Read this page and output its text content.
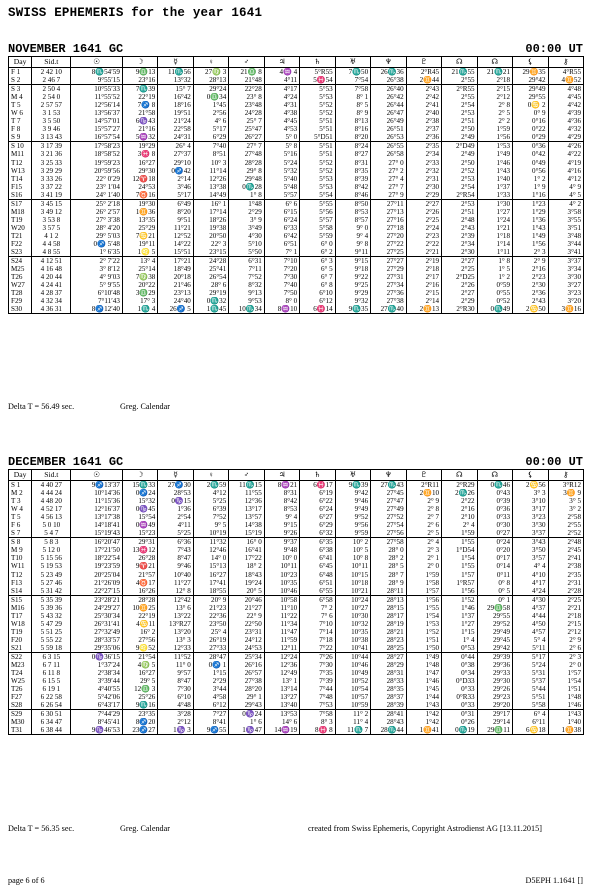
SWISS EPHEMERIS for the year 1641
NOVEMBER 1641 GC	00:00 UT
Day	Sid.t	☉	☽	☿	♀	♂	♃	♄	♅	♆	♇	☊	☊	⚸	⚷
F 1	2 42 10	8♏54′59	9♎13	11♏56	27♍ 3	21♎ 8	4♒ 4	5°R55	7♏50	26♏36	2°R45	21♏55	21♏21	29♊35	4°R55
S 2	2 46 7	9°55′15	23°16	13°32	28°13	21°48	4°11	5♓54	7°54	26°38	2♊44	2°55	2°18	29°42	4♊52
S 3	2 50 4	10°55′33	7♏39	15° 7	29°24	22°28	4°17	5°53	7°58	26°40	2°43	2°R55	2°15	29°49	4°48
M 4	2 54 0	11°55′52	22°19	16°42	0♎34	23° 8	4°24	5°53	8° 1	26°42	2°42	2°55	2°12	29°55	4°45
T 5	2 57 57	12°56′14	7♐ 8	18°16	1°45	23°48	4°31	5°52	8° 5	26°44	2°41	2°54	2° 8	0♋ 2	4°42
W 6	3 1 53	13°56′37	21°58	19°51	2°56	24°28	4°38	5°52	8° 9	26°47	2°40	2°53	2° 5	0° 9	4°39
T 7	3 5 50	14°57′01	6♑43	21°24	4° 6	25° 7	4°45	5°51	8°13	26°49	2°38	2°51	2° 2	0°16	4°36
F 8	3 9 46	15°57′27	21°16	22°58	5°17	25°47	4°53	5°51	8°16	26°51	2°37	2°50	1°59	0°22	4°32
S 9	3 13 43	16°57′54	5♒32	24°31	6°29	26°27	5° 0	5°D51	8°20	26°53	2°36	2°49	1°56	0°29	4°29
S 10	3 17 39	17°58′23	19°29	26° 4	7°40	27° 7	5° 8	5°51	8°24	26°55	2°35	2°D49	1°53	0°36	4°26
M11	3 21 36	18°58′52	3♓ 8	27°37	8°51	27°48	5°16	5°51	8°27	26°58	2°34	2°49	1°49	0°42	4°22
T12	3 25 33	19°59′23	16°27	29°10	10° 3	28°28	5°24	5°52	8°31	27° 0	2°33	2°50	1°46	0°49	4°19
W13	3 29 29	20°59′56	29°30	0♐42	11°14	29° 8	5°32	5°52	8°35	27° 2	2°32	2°52	1°43	0°56	4°16
T14	3 33 26	22° 0′29	12♈18	2°14	12°26	29°48	5°40	5°53	8°39	27° 4	2°31	2°53	1°40	1° 2	4°12
F15	3 37 22	23° 1′04	24°53	3°46	13°38	0♏28	5°48	5°53	8°42	27° 7	2°30	2°54	1°37	1° 9	4° 9
S16	3 41 19	24° 1′40	7♉16	5°17	14°49	1° 8	5°57	5°54	8°46	27° 9	2°29	2°R54	1°33	1°16	4° 5
S17	3 45 15	25° 2′18	19°30	6°49	16° 1	1°48	6° 6	5°55	8°50	27°11	2°27	2°53	1°30	1°23	4° 2
M18	3 49 12	26° 2′57	1♊36	8°20	17°14	2°29	6°15	5°56	8°53	27°13	2°26	2°51	1°27	1°29	3°58
T19	3 53 8	27° 3′38	13°35	9°51	18°26	3° 9	6°24	5°57	8°57	27°16	2°25	2°48	1°24	1°36	3°55
W20	3 57 5	28° 4′20	25°29	11°21	19°38	3°49	6°33	5°58	9° 0	27°18	2°24	2°43	1°21	1°43	3°51
T21	4 1 2	29° 5′03	7♋21	12°52	20°50	4°30	6°42	5°59	9° 4	27°20	2°23	2°39	1°18	1°49	3°48
F22	4 4 58	0♐ 5′48	19°11	14°22	22° 3	5°10	6°51	6° 0	9° 8	27°22	2°22	2°34	1°14	1°56	3°44
S23	4 8 55	1° 6′35	1♌ 5	15°51	23°15	5°50	7° 1	6° 2	9°11	27°25	2°21	2°30	1°11	2° 3	3°41
S24	4 12 51	2° 7′22	13° 4	17°21	24°28	6°31	7°10	6° 3	9°15	27°27	2°19	2°27	1° 8	2° 9	3°37
M25	4 16 48	3° 8′12	25°14	18°49	25°41	7°11	7°20	6° 5	9°18	27°29	2°18	2°25	1° 5	2°16	3°34
T26	4 20 44	4° 9′03	7♍38	20°18	26°54	7°52	7°30	6° 7	9°22	27°31	2°17	2°D25	1° 2	2°23	3°30
W27	4 24 41	5° 9′55	20°22	21°46	28° 6	8°32	7°40	6° 8	9°25	27°34	2°16	2°26	0°59	2°30	3°27
T28	4 28 37	6°10′48	3♎29	23°13	29°19	9°13	7°50	6°10	9°29	27°36	2°15	2°27	0°55	2°36	3°23
F29	4 32 34	7°11′43	17° 3	24°40	0♏32	9°53	8° 0	6°12	9°32	27°38	2°14	2°29	0°52	2°43	3°20
S30	4 36 31	8♐12′40	1♏ 4	26♐ 5	1♏45	10♏34	8♒10	6♓14	9♏35	27♏40	2♊13	2°R30	0♏49	2♋50	3♊16
Delta T = 56.49 sec.	Greg. Calendar
DECEMBER 1641 GC	00:00 UT
Day	Sid.t	☉	☽	☿	♀	♂	♃	♄	♅	♆	♇	☊	☊	⚸	⚷
S 1	4 40 27	9♐13′37	15♏33	27♐30	2♏59	11♏15	8♒21	6♓17	9♏39	27♏43	2°R11	2°R29	0♏46	2♋56	3°R12
M 2	4 44 24	10°14′36	0♐24	28°53	4°12	11°55	8°31	6°19	9°42	27°45	2♊10	2♏26	0°43	3° 3	3♊ 9
T 3	4 48 20	11°15′36	15°32	0♑15	5°25	12°36	8°42	6°22	9°46	27°47	2° 9	2°22	0°39	3°10	3° 5
W 4	4 52 17	12°16′37	0♑45	1°36	6°39	13°17	8°53	6°24	9°49	27°49	2° 8	2°16	0°36	3°17	3° 2
T 5	4 56 13	13°17′38	15°54	2°54	7°52	13°57	9° 4	6°27	9°52	27°52	2° 7	2°10	0°33	3°23	2°58
F 6	5 0 10	14°18′41	0♒49	4°11	9° 5	14°38	9°15	6°29	9°56	27°54	2° 6	2° 4	0°30	3°30	2°55
S 7	5 4 7	15°19′43	15°23	5°25	10°19	15°19	9°26	6°32	9°59	27°56	2° 5	1°59	0°27	3°37	2°52
S 8	5 8 3	16°20′47	29°31	6°36	11°32	16° 0	9°37	6°35	10° 2	27°58	2° 4	1°55	0°24	3°43	2°48
M 9	5 12 0	17°21′50	13♓12	7°43	12°46	16°41	9°48	6°38	10° 5	28° 0	2° 3	1°D54	0°20	3°50	2°45
T10	5 15 56	18°22′54	26°28	8°47	14° 0	17°22	10° 0	6°41	10° 8	28° 2	2° 1	1°54	0°17	3°57	2°41
W11	5 19 53	19°23′59	9♈21	9°46	15°13	18° 2	10°11	6°45	10°11	28° 5	2° 0	1°55	0°14	4° 4	2°38
T12	5 23 49	20°25′04	21°57	10°40	16°27	18°43	10°23	6°48	10°15	28° 7	1°59	1°57	0°11	4°10	2°35
F13	5 27 46	21°26′09	4♉17	11°27	17°41	19°24	10°35	6°51	10°18	28° 9	1°58	1°R57	0° 8	4°17	2°31
S14	5 31 42	22°27′15	16°26	12° 8	18°55	20° 5	10°46	6°55	10°21	28°11	1°57	1°56	0° 5	4°24	2°28
S15	5 35 39	23°28′21	28°28	12°42	20° 9	20°46	10°58	6°58	10°24	28°13	1°56	1°52	0° 1	4°30	2°25
M16	5 39 36	24°29′27	10♊25	13° 6	21°23	21°27	11°10	7° 2	10°27	28°15	1°55	1°46	29♎58	4°37	2°21
T17	5 43 32	25°30′34	22°19	13°22	22°36	22° 9	11°22	7° 6	10°30	28°17	1°54	1°37	29°55	4°44	2°18
W18	5 47 29	26°31′41	4♋11	13°R27	23°50	22°50	11°34	7°10	10°32	28°19	1°53	1°27	29°52	4°50	2°15
T19	5 51 25	27°32′49	16° 2	13°20	25° 4	23°31	11°47	7°14	10°35	28°21	1°52	1°15	29°49	4°57	2°12
F20	5 55 22	28°33′57	27°56	13° 3	26°19	24°12	11°59	7°18	10°38	28°23	1°51	1° 4	29°45	5° 4	2° 9
S21	5 59 18	29°35′06	9♌52	12°33	27°33	24°53	12°11	7°22	10°41	28°25	1°50	0°53	29°42	5°11	2° 6
S22	6 3 15	0♑36′15	21°54	11°52	28°47	25°34	12°24	7°26	10°44	28°27	1°49	0°44	29°39	5°17	2° 3
M23	6 7 11	1°37′24	4♍ 5	11° 0	0♐ 1	26°16	12°36	7°30	10°46	28°29	1°48	0°38	29°36	5°24	2° 0
T24	6 11 8	2°38′34	16°27	9°57	1°15	26°57	12°49	7°35	10°49	28°31	1°47	0°34	29°33	5°31	1°57
W25	6 15 5	3°39′44	29° 5	8°47	2°29	27°38	13° 1	7°39	10°52	28°33	1°46	0°D33	29°30	5°37	1°54
T26	6 19 1	4°40′55	12♎ 3	7°30	3°44	28°20	13°14	7°44	10°54	28°35	1°45	0°33	29°26	5°44	1°51
F27	6 22 58	5°42′06	25°26	6°10	4°58	29° 1	13°27	7°48	10°57	28°37	1°44	0°R33	29°23	5°51	1°48
S28	6 26 54	6°43′17	9♏16	4°48	6°12	29°43	13°40	7°53	10°59	28°39	1°43	0°33	29°20	5°58	1°46
S29	6 30 51	7°44′29	23°35	3°28	7°27	0♑24	13°53	7°58	11° 2	28°41	1°42	0°31	29°17	6° 4	1°43
M30	6 34 47	8°45′41	8♐20	2°12	8°41	1° 6	14° 6	8° 3	11° 4	28°43	1°42	0°26	29°14	6°11	1°40
T31	6 38 44	9♑46′53	23♐27	1♑ 3	9♐55	1♑47	14♒19	8♓ 8	11♏ 7	28♏44	1♊41	0♏19	29♎11	6♋18	1♊38
Delta T = 56.35 sec.	Greg. Calendar	created from Swiss Ephemeris, Copyright Astrodienst AG [13.11.2015]
page 6 of 6	D5EPH 1.1641 []
